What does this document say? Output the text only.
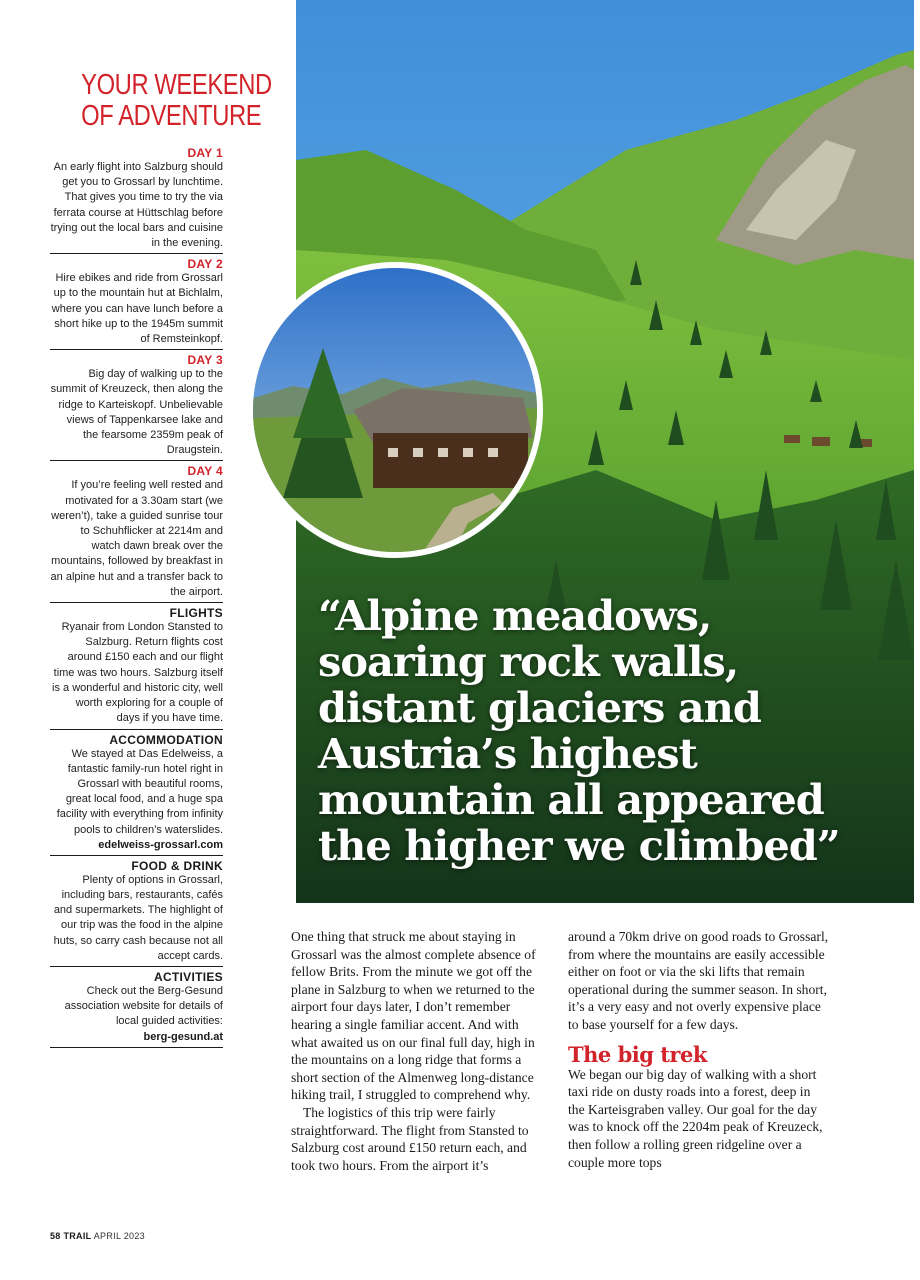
YOUR WEEKEND
OF ADVENTURE
DAY 1

An early flight into Salzburg should get you to Grossarl by lunchtime. That gives you time to try the via ferrata course at Hüttschlag before trying out the local bars and cuisine in the evening.

DAY 2

Hire ebikes and ride from Grossarl up to the mountain hut at Bichlalm, where you can have lunch before a short hike up to the 1945m summit of Remsteinkopf.

DAY 3

Big day of walking up to the summit of Kreuzeck, then along the ridge to Karteiskopf. Unbelievable views of Tappenkarsee lake and the fearsome 2359m peak of Draugstein.

DAY 4

If you’re feeling well rested and motivated for a 3.30am start (we weren’t), take a guided sunrise tour to Schuhflicker at 2214m and watch dawn break over the mountains, followed by breakfast in an alpine hut and a transfer back to the airport.

FLIGHTS

Ryanair from London Stansted to Salzburg. Return flights cost around £150 each and our flight time was two hours. Salzburg itself is a wonderful and historic city, well worth exploring for a couple of days if you have time.

ACCOMMODATION

We stayed at Das Edelweiss, a fantastic family-run hotel right in Grossarl with beautiful rooms, great local food, and a huge spa facility with everything from infinity pools to children’s waterslides.

edelweiss-grossarl.com
FOOD & DRINK

Plenty of options in Grossarl, including bars, restaurants, cafés and supermarkets. The highlight of our trip was the food in the alpine huts, so carry cash because not all accept cards.

ACTIVITIES

Check out the Berg-Gesund association website for details of local guided activities:

berg-gesund.at
“Alpine meadows,
soaring rock walls,
distant glaciers and
Austria’s highest
mountain all appeared
the higher we climbed”

One thing that struck me about staying in Grossarl was the almost complete absence of fellow Brits. From the minute we got off the plane in Salzburg to when we returned to the airport four days later, I don’t remember hearing a single familiar accent. And with what awaited us on our final full day, high in the mountains on a long ridge that forms a short section of the Almenweg long-distance hiking trail, I struggled to comprehend why.

The logistics of this trip were fairly straightforward. The flight from Stansted to Salzburg cost around £150 return each, and took two hours. From the airport it’s

around a 70km drive on good roads to Grossarl, from where the mountains are easily accessible either on foot or via the ski lifts that remain operational during the summer season. In short, it’s a very easy and not overly expensive place to base yourself for a few days.

The big trek

We began our big day of walking with a short taxi ride on dusty roads into a forest, deep in the Karteisgraben valley. Our goal for the day was to knock off the 2204m peak of Kreuzeck, then follow a rolling green ridgeline over a couple more tops

58 TRAIL APRIL 2023
